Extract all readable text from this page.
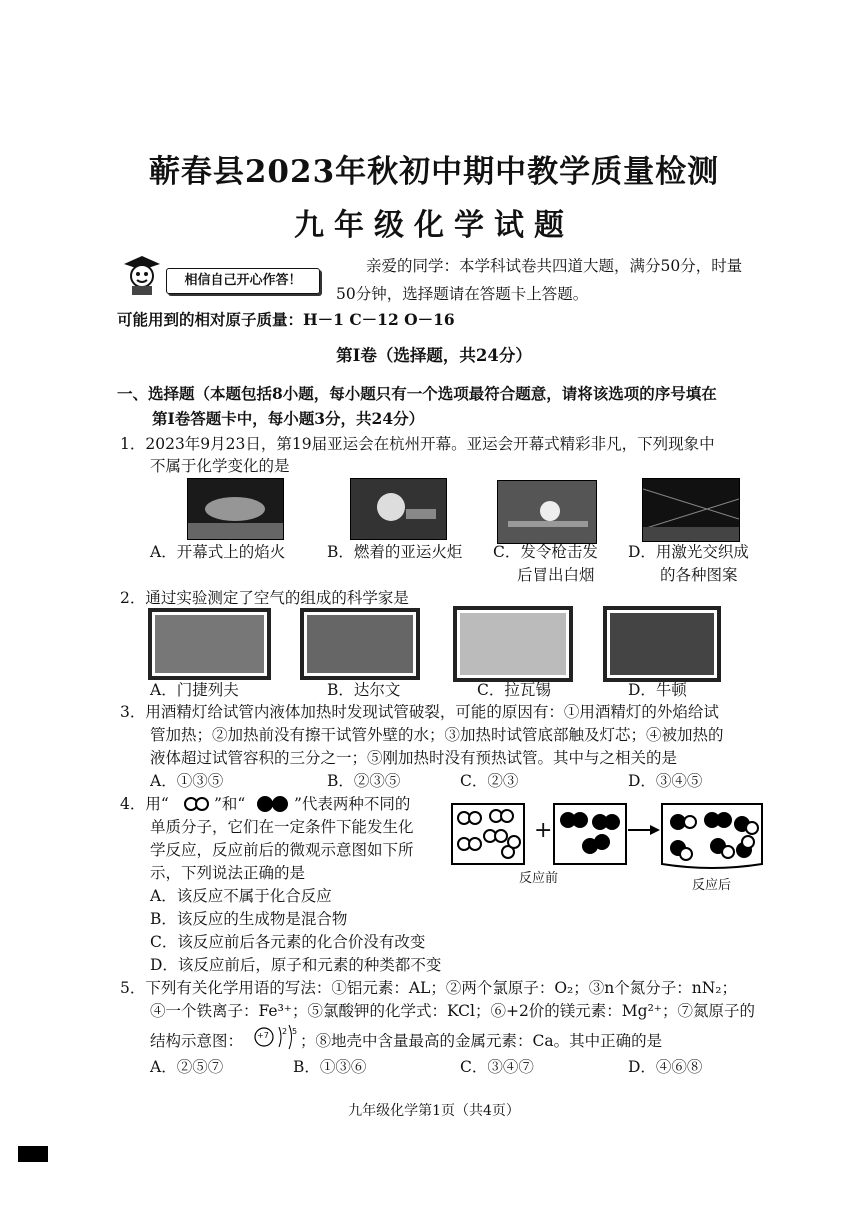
蕲春县2023年秋初中期中教学质量检测
九年级化学试题
相信自己开心作答！
亲爱的同学：本学科试卷共四道大题，满分50分，时量
50分钟，选择题请在答题卡上答题。
可能用到的相对原子质量：H－1 C－12 O－16
第Ⅰ卷（选择题，共24分）
一、选择题（本题包括8小题，每小题只有一个选项最符合题意，请将该选项的序号填在
第Ⅰ卷答题卡中，每小题3分，共24分）
1．2023年9月23日，第19届亚运会在杭州开幕。亚运会开幕式精彩非凡，下列现象中
不属于化学变化的是
A．开幕式上的焰火	B．燃着的亚运火炬 C．发令枪击发
后冒出白烟
D．用激光交织成
的各种图案
2．通过实验测定了空气的组成的科学家是
A．门捷列夫	B．达尔文	C．拉瓦锡	D．牛顿
3．用酒精灯给试管内液体加热时发现试管破裂，可能的原因有：①用酒精灯的外焰给试
管加热；②加热前没有擦干试管外壁的水；③加热时试管底部触及灯芯；④被加热的
液体超过试管容积的三分之一；⑤刚加热时没有预热试管。其中与之相关的是
A．①③⑤	B．②③⑤	C．②③	D．③④⑤
4．用“	”和“	”代表两种不同的
单质分子，它们在一定条件下能发生化
学反应，反应前后的微观示意图如下所
示，下列说法正确的是
A．该反应不属于化合反应
B．该反应的生成物是混合物
C．该反应前后各元素的化合价没有改变
D．该反应前后，原子和元素的种类都不变
+
反应前	反应后
5．下列有关化学用语的写法：①铝元素：AL；②两个氯原子：O₂；③n个氮分子：nN₂；
④一个铁离子：Fe³⁺；⑤氯酸钾的化学式：KCl；⑥+2价的镁元素：Mg²⁺；⑦氮原子的
结构示意图： +7 2 5
；⑧地壳中含量最高的金属元素：Ca。其中正确的是
A．②⑤⑦	B．①③⑥	C．③④⑦	D．④⑥⑧
九年级化学第1页（共4页）
